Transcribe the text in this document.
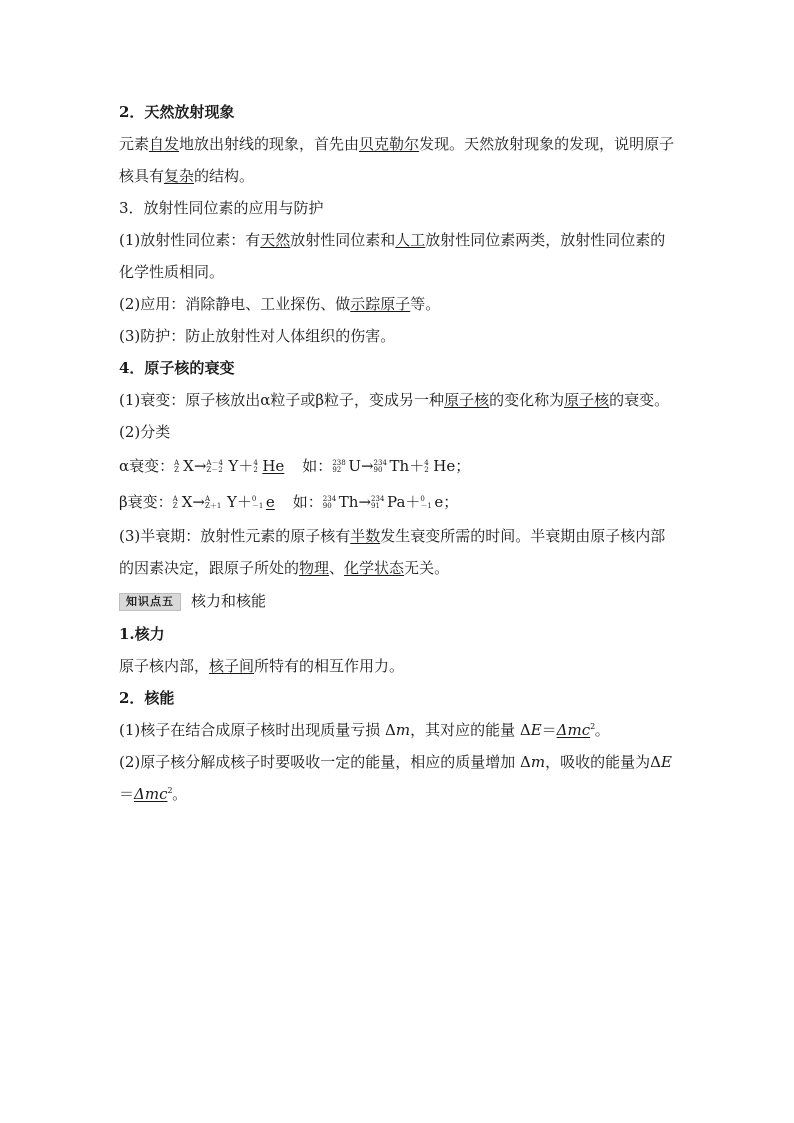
2．天然放射现象
元素自发地放出射线的现象，首先由贝克勒尔发现。天然放射现象的发现，说明原子核具有复杂的结构。
3．放射性同位素的应用与防护
(1)放射性同位素：有天然放射性同位素和人工放射性同位素两类，放射性同位素的化学性质相同。
(2)应用：消除静电、工业探伤、做示踪原子等。
(3)防护：防止放射性对人体组织的伤害。
4．原子核的衰变
(1)衰变：原子核放出α粒子或β粒子，变成另一种原子核的变化称为原子核的衰变。
(2)分类
α衰变： A
Z X→ A－4
Z－2 Y＋ 4
2 He 如： 238
92 U→ 234
90 Th＋ 4
2 He；
β衰变： A
Z X→ A
Z＋1 Y＋ 0
－1 e 如： 234
90 Th→ 234
91 Pa＋ 0
－1 e；
(3)半衰期：放射性元素的原子核有半数发生衰变所需的时间。半衰期由原子核内部的因素决定，跟原子所处的物理、化学状态无关。
知识点五 核力和核能
1.核力
原子核内部，核子间所特有的相互作用力。
2．核能
(1)核子在结合成原子核时出现质量亏损 Δm，其对应的能量 ΔE＝Δmc$^2$。
(2)原子核分解成核子时要吸收一定的能量，相应的质量增加 Δm，吸收的能量为ΔE＝Δmc$^2$。
